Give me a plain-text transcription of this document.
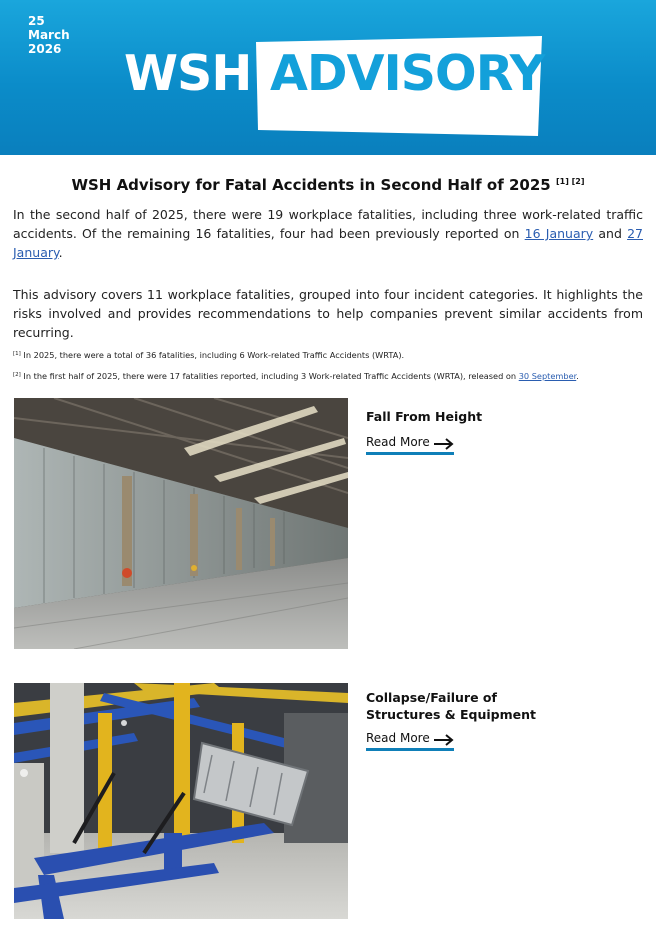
25
March
2026 WSH ADVISORY
WSH Advisory for Fatal Accidents in Second Half of 2025 [1] [2]
In the second half of 2025, there were 19 workplace fatalities, including three work-related traffic accidents. Of the remaining 16 fatalities, four had been previously reported on 16 January and 27 January.
This advisory covers 11 workplace fatalities, grouped into four incident categories. It highlights the risks involved and provides recommendations to help companies prevent similar accidents from recurring.
[1] In 2025, there were a total of 36 fatalities, including 6 Work-related Traffic Accidents (WRTA).
[2] In the first half of 2025, there were 17 fatalities reported, including 3 Work-related Traffic Accidents (WRTA), released on 30 September.
Fall From Height
Read More
Collapse/Failure of
Structures & Equipment
Read More
